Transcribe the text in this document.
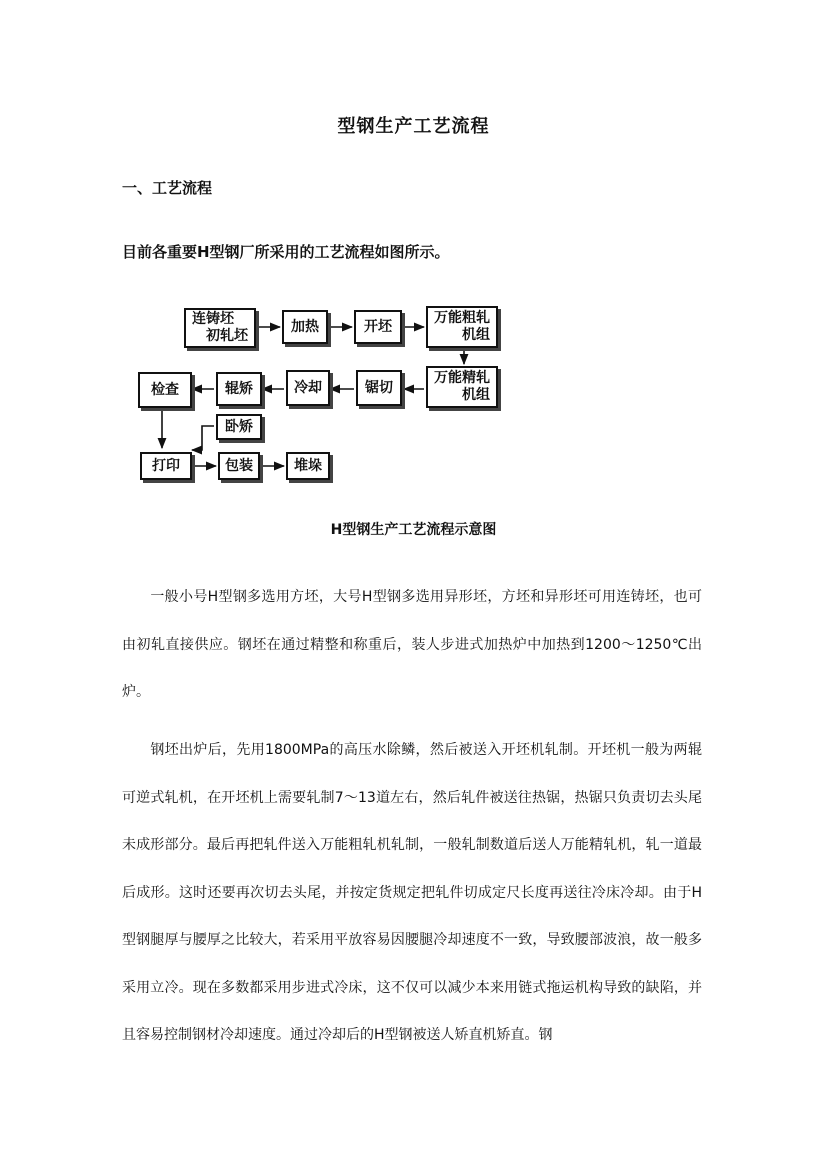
型钢生产工艺流程
一、工艺流程
目前各重要H型钢厂所采用的工艺流程如图所示。
连铸坯
初轧坯
加热	开坯
万能粗轧
机组
万能精轧
机组
锯切
冷却
辊矫
检查
卧矫
打印	包装	堆垛
H型钢生产工艺流程示意图

一般小号H型钢多选用方坯，大号H型钢多选用异形坯，方坯和异形坯可用连铸坯，也可由初轧直接供应。钢坯在通过精整和称重后，装人步进式加热炉中加热到1200～1250℃出炉。

钢坯出炉后，先用1800MPa的高压水除鳞，然后被送入开坯机轧制。开坯机一般为两辊可逆式轧机，在开坯机上需要轧制7～13道左右，然后轧件被送往热锯，热锯只负责切去头尾未成形部分。最后再把轧件送入万能粗轧机轧制，一般轧制数道后送人万能精轧机，轧一道最后成形。这时还要再次切去头尾，并按定货规定把轧件切成定尺长度再送往冷床冷却。由于H型钢腿厚与腰厚之比较大，若采用平放容易因腰腿冷却速度不一致，导致腰部波浪，故一般多采用立冷。现在多数都采用步进式冷床，这不仅可以减少本来用链式拖运机构导致的缺陷，并且容易控制钢材冷却速度。通过冷却后的H型钢被送人矫直机矫直。钢
